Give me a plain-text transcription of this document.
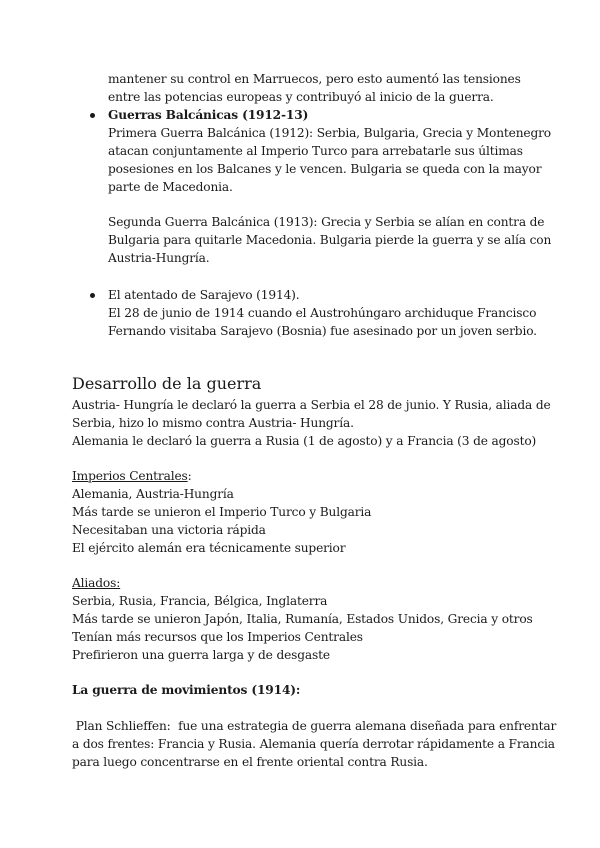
mantener su control en Marruecos, pero esto aumentó las tensiones
entre las potencias europeas y contribuyó al inicio de la guerra.
Guerras Balcánicas (1912-13)
Primera Guerra Balcánica (1912): Serbia, Bulgaria, Grecia y Montenegro
atacan conjuntamente al Imperio Turco para arrebatarle sus últimas
posesiones en los Balcanes y le vencen. Bulgaria se queda con la mayor
parte de Macedonia.
Segunda Guerra Balcánica (1913): Grecia y Serbia se alían en contra de
Bulgaria para quitarle Macedonia. Bulgaria pierde la guerra y se alía con
Austria-Hungría.
El atentado de Sarajevo (1914).
El 28 de junio de 1914 cuando el Austrohúngaro archiduque Francisco
Fernando visitaba Sarajevo (Bosnia) fue asesinado por un joven serbio.
Desarrollo de la guerra
Austria- Hungría le declaró la guerra a Serbia el 28 de junio. Y Rusia, aliada de
Serbia, hizo lo mismo contra Austria- Hungría.
Alemania le declaró la guerra a Rusia (1 de agosto) y a Francia (3 de agosto)
Imperios Centrales:
Alemania, Austria-Hungría
Más tarde se unieron el Imperio Turco y Bulgaria
Necesitaban una victoria rápida
El ejército alemán era técnicamente superior
Aliados:
Serbia, Rusia, Francia, Bélgica, Inglaterra
Más tarde se unieron Japón, Italia, Rumanía, Estados Unidos, Grecia y otros
Tenían más recursos que los Imperios Centrales
Prefirieron una guerra larga y de desgaste
La guerra de movimientos (1914):
Plan Schlieffen:  fue una estrategia de guerra alemana diseñada para enfrentar
a dos frentes: Francia y Rusia. Alemania quería derrotar rápidamente a Francia
para luego concentrarse en el frente oriental contra Rusia.
